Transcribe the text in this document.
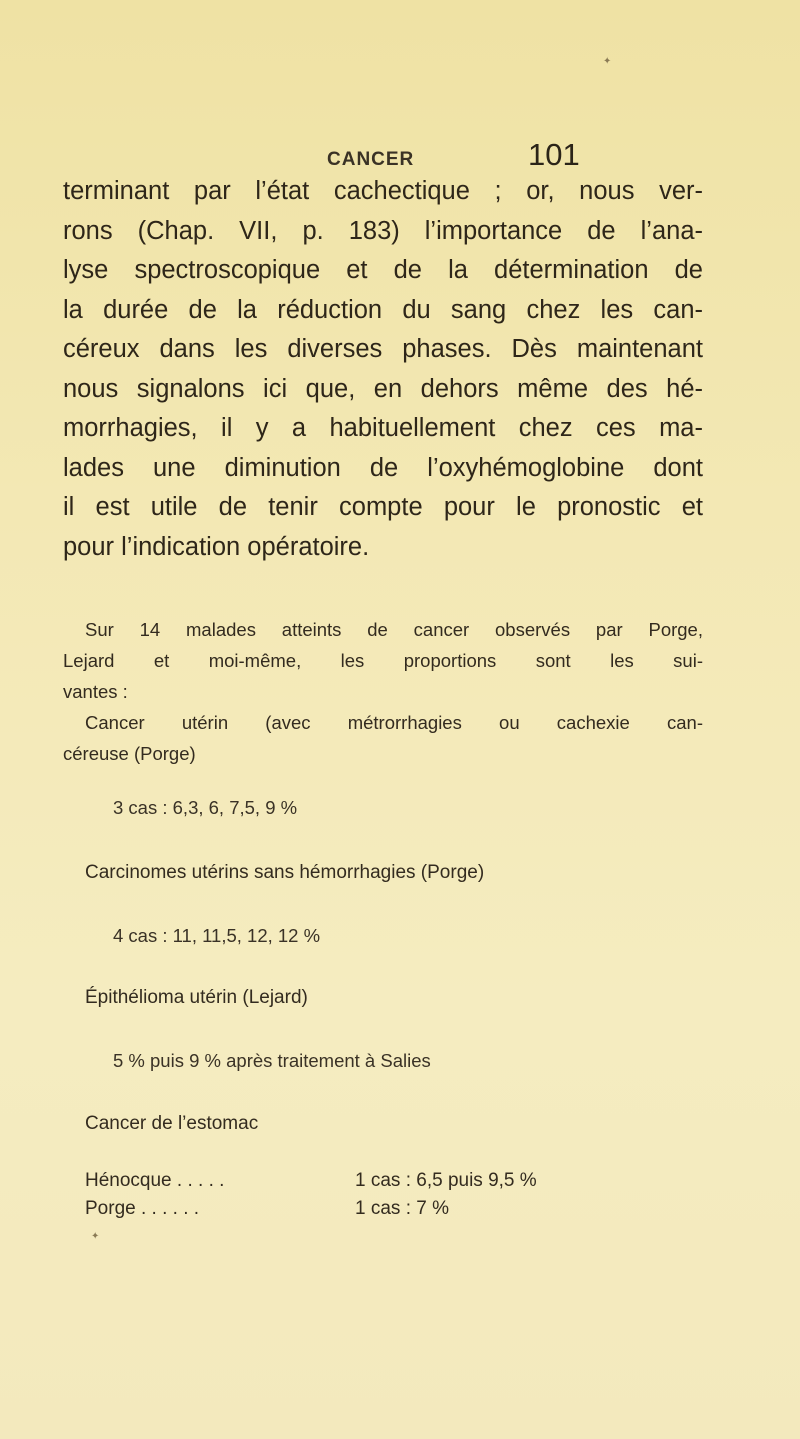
✦
CANCER	101
terminant par l’état cachectique ; or, nous ver-
rons (Chap. VII, p. 183) l’importance de l’ana-
lyse spectroscopique et de la détermination de
la durée de la réduction du sang chez les can-
céreux dans les diverses phases. Dès maintenant
nous signalons ici que, en dehors même des hé-
morrhagies, il y a habituellement chez ces ma-
lades une diminution de l’oxyhémoglobine dont
il est utile de tenir compte pour le pronostic et
pour l’indication opératoire.
Sur 14 malades atteints de cancer observés par Porge,
Lejard et moi-même, les proportions sont les sui-
vantes :
Cancer utérin (avec métrorrhagies ou cachexie can-
céreuse (Porge)
3 cas : 6,3, 6, 7,5, 9 %
Carcinomes utérins sans hémorrhagies (Porge)
4 cas : 11, 11,5, 12, 12 %
Épithélioma utérin (Lejard)
5 % puis 9 % après traitement à Salies
Cancer de l’estomac
Hénocque . . . . .	1 cas : 6,5 puis 9,5 %
Porge . . . . . .	1 cas : 7 %
✦
